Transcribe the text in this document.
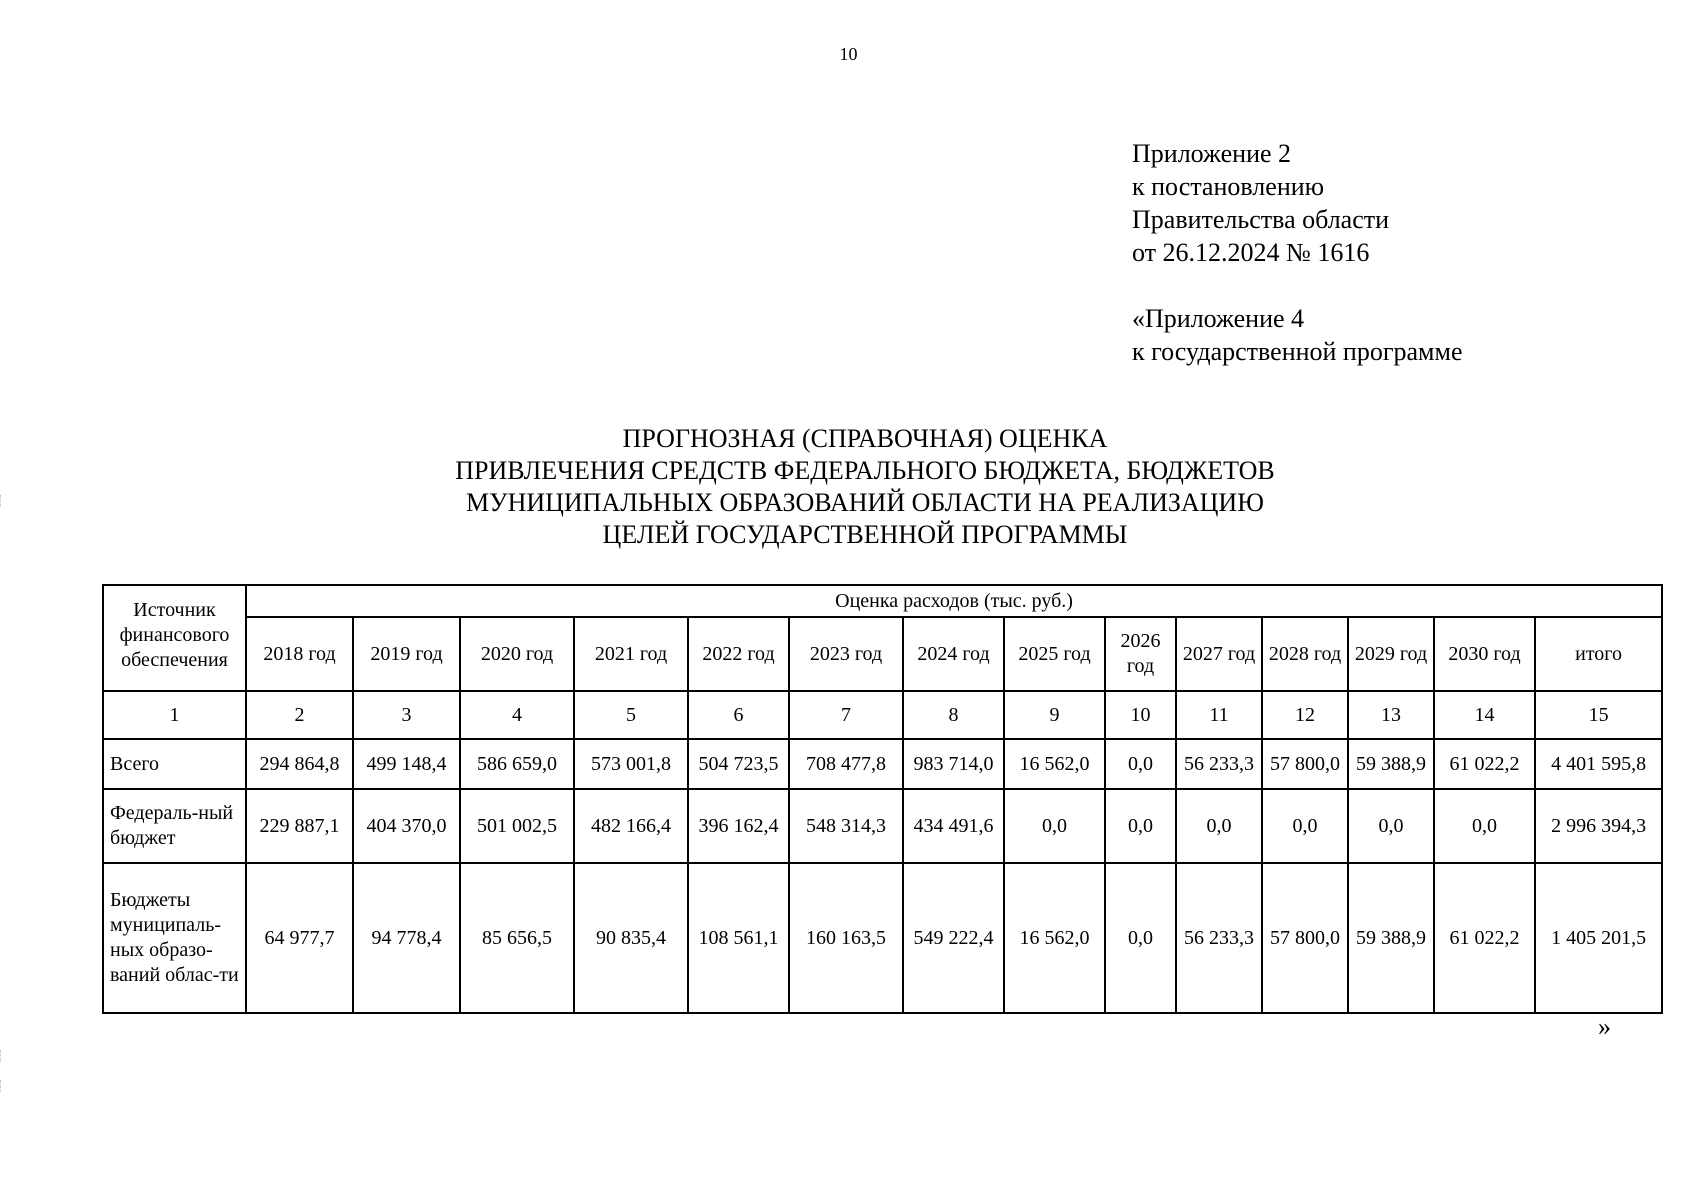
10
Приложение 2
к постановлению
Правительства области
от 26.12.2024 № 1616
«Приложение 4
к государственной программе
ПРОГНОЗНАЯ (СПРАВОЧНАЯ) ОЦЕНКА
ПРИВЛЕЧЕНИЯ СРЕДСТВ ФЕДЕРАЛЬНОГО БЮДЖЕТА, БЮДЖЕТОВ
МУНИЦИПАЛЬНЫХ ОБРАЗОВАНИЙ ОБЛАСТИ НА РЕАЛИЗАЦИЮ
ЦЕЛЕЙ ГОСУДАРСТВЕННОЙ ПРОГРАММЫ
Источник финансового обеспечения	Оценка расходов (тыс. руб.)													
	2018 год	2019 год	2020 год	2021 год	2022 год	2023 год	2024 год	2025 год	2026 год	2027 год	2028 год	2029 год	2030 год	итого
1	2	3	4	5	6	7	8	9	10	11	12	13	14	15
Всего	294 864,8	499 148,4	586 659,0	573 001,8	504 723,5	708 477,8	983 714,0	16 562,0	0,0	56 233,3	57 800,0	59 388,9	61 022,2	4 401 595,8
Федераль-ный бюджет	229 887,1	404 370,0	501 002,5	482 166,4	396 162,4	548 314,3	434 491,6	0,0	0,0	0,0	0,0	0,0	0,0	2 996 394,3
Бюджеты муниципаль-ных образо-ваний облас-ти	64 977,7	94 778,4	85 656,5	90 835,4	108 561,1	160 163,5	549 222,4	16 562,0	0,0	56 233,3	57 800,0	59 388,9	61 022,2	1 405 201,5
»
